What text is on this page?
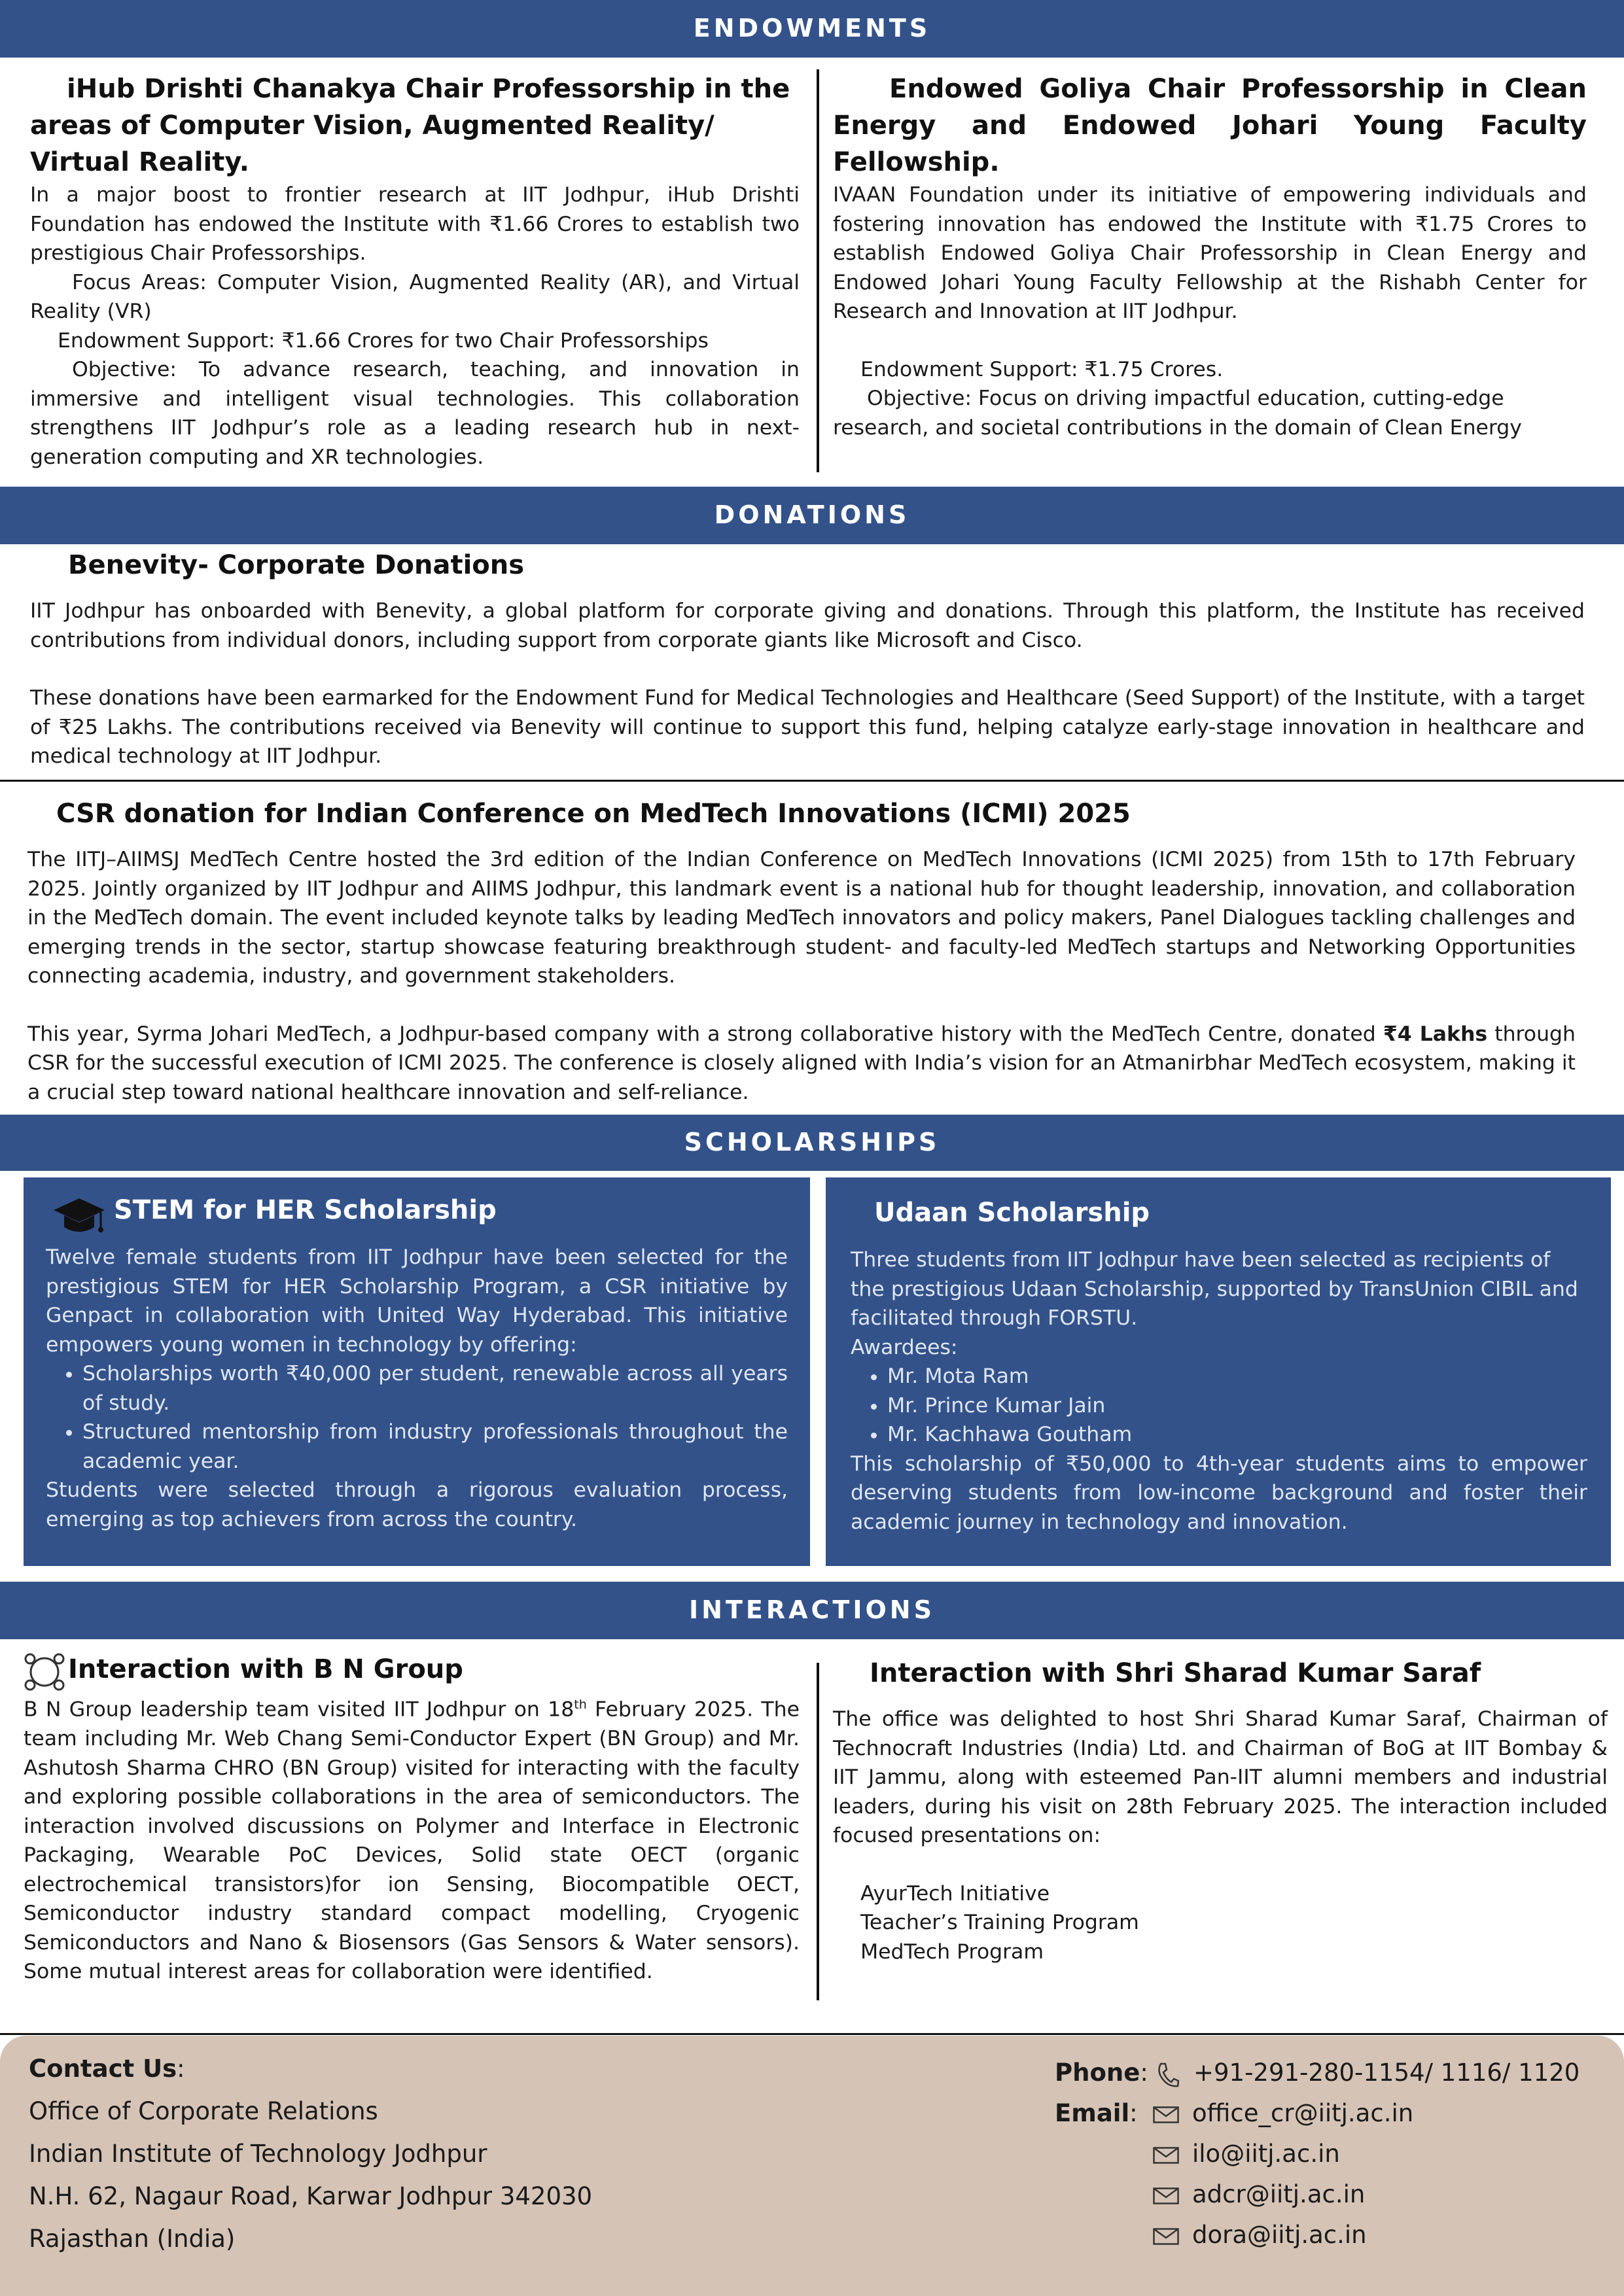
ENDOWMENTS
iHub Drishti Chanakya Chair Professorship in the areas of Computer Vision, Augmented Reality/ Virtual Reality.

In a major boost to frontier research at IIT Jodhpur, iHub Drishti Foundation has endowed the Institute with ₹1.66 Crores to establish two prestigious Chair Professorships.

Focus Areas: Computer Vision, Augmented Reality (AR), and Virtual Reality (VR)

Endowment Support: ₹1.66 Crores for two Chair Professorships

Objective: To advance research, teaching, and innovation in immersive and intelligent visual technologies. This collaboration strengthens IIT Jodhpur’s role as a leading research hub in next-generation computing and XR technologies.

Endowed Goliya Chair Professorship in Clean Energy and Endowed Johari Young Faculty Fellowship.

IVAAN Foundation under its initiative of empowering individuals and fostering innovation has endowed the Institute with ₹1.75 Crores to establish Endowed Goliya Chair Professorship in Clean Energy and Endowed Johari Young Faculty Fellowship at the Rishabh Center for Research and Innovation at IIT Jodhpur.

Endowment Support: ₹1.75 Crores.

Objective: Focus on driving impactful education, cutting-edge research, and societal contributions in the domain of Clean Energy

DONATIONS
Benevity- Corporate Donations

IIT Jodhpur has onboarded with Benevity, a global platform for corporate giving and donations. Through this platform, the Institute has received contributions from individual donors, including support from corporate giants like Microsoft and Cisco.

These donations have been earmarked for the Endowment Fund for Medical Technologies and Healthcare (Seed Support) of the Institute, with a target of ₹25 Lakhs. The contributions received via Benevity will continue to support this fund, helping catalyze early-stage innovation in healthcare and medical technology at IIT Jodhpur.

CSR donation for Indian Conference on MedTech Innovations (ICMI) 2025

The IITJ–AIIMSJ MedTech Centre hosted the 3rd edition of the Indian Conference on MedTech Innovations (ICMI 2025) from 15th to 17th February 2025. Jointly organized by IIT Jodhpur and AIIMS Jodhpur, this landmark event is a national hub for thought leadership, innovation, and collaboration in the MedTech domain. The event included keynote talks by leading MedTech innovators and policy makers, Panel Dialogues tackling challenges and emerging trends in the sector, startup showcase featuring breakthrough student- and faculty-led MedTech startups and Networking Opportunities connecting academia, industry, and government stakeholders.

This year, Syrma Johari MedTech, a Jodhpur-based company with a strong collaborative history with the MedTech Centre, donated ₹4 Lakhs through CSR for the successful execution of ICMI 2025. The conference is closely aligned with India’s vision for an Atmanirbhar MedTech ecosystem, making it a crucial step toward national healthcare innovation and self-reliance.

SCHOLARSHIPS
STEM for HER Scholarship

Twelve female students from IIT Jodhpur have been selected for the prestigious STEM for HER Scholarship Program, a CSR initiative by Genpact in collaboration with United Way Hyderabad. This initiative empowers young women in technology by offering:

• Scholarships worth ₹40,000 per student, renewable across all years of study.
• Structured mentorship from industry professionals throughout the academic year.

Students were selected through a rigorous evaluation process, emerging as top achievers from across the country.

Udaan Scholarship

Three students from IIT Jodhpur have been selected as recipients of the prestigious Udaan Scholarship, supported by TransUnion CIBIL and facilitated through FORSTU.

Awardees:

• Mr. Mota Ram
• Mr. Prince Kumar Jain
• Mr. Kachhawa Goutham

This scholarship of ₹50,000 to 4th-year students aims to empower deserving students from low-income background and foster their academic journey in technology and innovation.

INTERACTIONS
Interaction with B N Group

B N Group leadership team visited IIT Jodhpur on 18th February 2025. The team including Mr. Web Chang Semi-Conductor Expert (BN Group) and Mr. Ashutosh Sharma CHRO (BN Group) visited for interacting with the faculty and exploring possible collaborations in the area of semiconductors. The interaction involved discussions on Polymer and Interface in Electronic Packaging, Wearable PoC Devices, Solid state OECT (organic electrochemical transistors)for ion Sensing, Biocompatible OECT, Semiconductor industry standard compact modelling, Cryogenic Semiconductors and Nano & Biosensors (Gas Sensors & Water sensors). Some mutual interest areas for collaboration were identified.

Interaction with Shri Sharad Kumar Saraf

The office was delighted to host Shri Sharad Kumar Saraf, Chairman of Technocraft Industries (India) Ltd. and Chairman of BoG at IIT Bombay & IIT Jammu, along with esteemed Pan-IIT alumni members and industrial leaders, during his visit on 28th February 2025. The interaction included focused presentations on:

AyurTech Initiative
Teacher’s Training Program
MedTech Program
Contact Us:
Office of Corporate Relations
Indian Institute of Technology Jodhpur
N.H. 62, Nagaur Road, Karwar Jodhpur 342030
Rajasthan (India)
Phone: +91-291-280-1154/ 1116/ 1120
Email:	office_cr@iitj.ac.in
ilo@iitj.ac.in
adcr@iitj.ac.in
dora@iitj.ac.in
